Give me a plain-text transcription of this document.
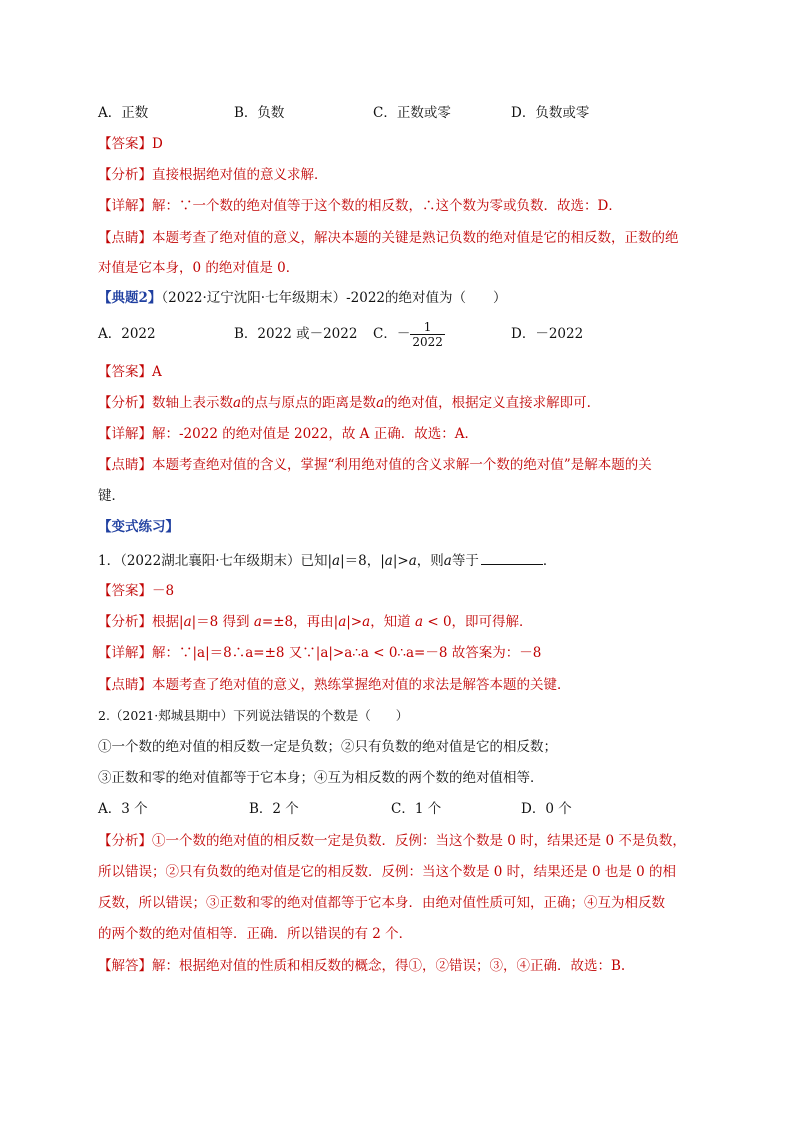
A．正数	B．负数	C．正数或零	D．负数或零
【答案】D
【分析】直接根据绝对值的意义求解．
【详解】解：∵一个数的绝对值等于这个数的相反数，∴这个数为零或负数．故选：D．
【点睛】本题考查了绝对值的意义，解决本题的关键是熟记负数的绝对值是它的相反数，正数的绝
对值是它本身，0 的绝对值是 0．
【典题2】（2022·辽宁沈阳·七年级期末）-2022的绝对值为（　　）
A．2022	B．2022 或－2022 C．－ $\frac{1}{2022}$	D．－2022
【答案】A
【分析】数轴上表示数a的点与原点的距离是数a的绝对值，根据定义直接求解即可.
【详解】解：-2022 的绝对值是 2022，故 A 正确．故选：A．
【点睛】本题考查绝对值的含义，掌握“利用绝对值的含义求解一个数的绝对值”是解本题的关
键．
【变式练习】
1．（2022湖北襄阳·七年级期末）已知|a|＝8，|a|>a，则a等于	．
【答案】－8
【分析】根据|a|＝8 得到 a=±8，再由|a|>a，知道 a < 0，即可得解．
【详解】解：∵|a|＝8∴a=±8 又∵|a|>a∴a < 0∴a=－8 故答案为：－8
【点睛】本题考查了绝对值的意义，熟练掌握绝对值的求法是解答本题的关键．
2.（2021·郏城县期中）下列说法错误的个数是（　　）
①一个数的绝对值的相反数一定是负数；②只有负数的绝对值是它的相反数；
③正数和零的绝对值都等于它本身；④互为相反数的两个数的绝对值相等．
A．3 个	B．2 个	C．1 个	D．0 个
【分析】①一个数的绝对值的相反数一定是负数．反例：当这个数是 0 时，结果还是 0 不是负数，
所以错误；②只有负数的绝对值是它的相反数．反例：当这个数是 0 时，结果还是 0 也是 0 的相
反数，所以错误；③正数和零的绝对值都等于它本身．由绝对值性质可知，正确；④互为相反数
的两个数的绝对值相等．正确．所以错误的有 2 个．
【解答】解：根据绝对值的性质和相反数的概念，得①，②错误；③，④正确．故选：B.
